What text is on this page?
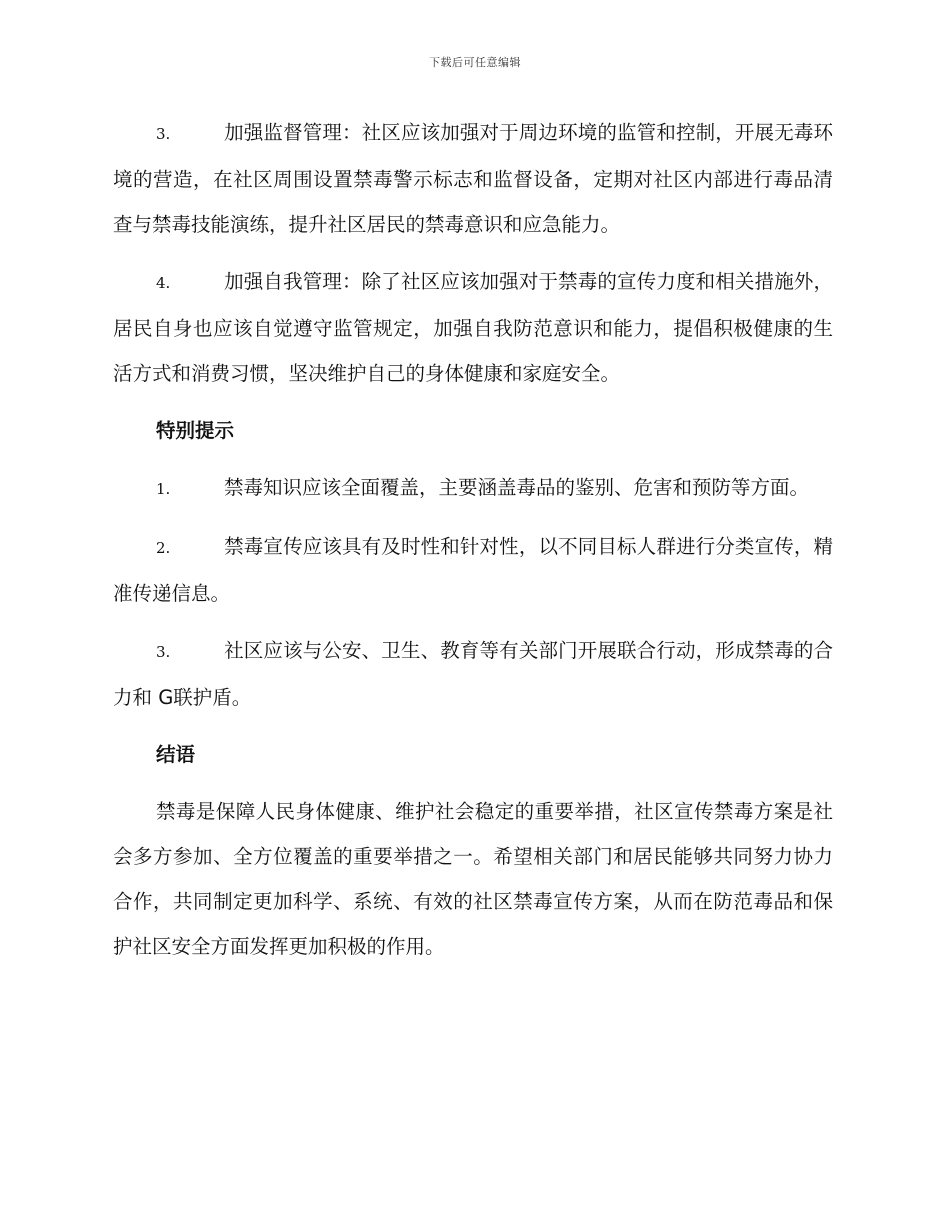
下载后可任意编辑

3.	加强监督管理：社区应该加强对于周边环境的监管和控制，开展无毒环境的营造，在社区周围设置禁毒警示标志和监督设备，定期对社区内部进行毒品清查与禁毒技能演练，提升社区居民的禁毒意识和应急能力。

4.	加强自我管理：除了社区应该加强对于禁毒的宣传力度和相关措施外，居民自身也应该自觉遵守监管规定，加强自我防范意识和能力，提倡积极健康的生活方式和消费习惯，坚决维护自己的身体健康和家庭安全。

特别提示

1.	禁毒知识应该全面覆盖，主要涵盖毒品的鉴别、危害和预防等方面。

2.	禁毒宣传应该具有及时性和针对性，以不同目标人群进行分类宣传，精准传递信息。

3.	社区应该与公安、卫生、教育等有关部门开展联合行动，形成禁毒的合力和 G联护盾。

结语

禁毒是保障人民身体健康、维护社会稳定的重要举措，社区宣传禁毒方案是社会多方参加、全方位覆盖的重要举措之一。希望相关部门和居民能够共同努力协力合作，共同制定更加科学、系统、有效的社区禁毒宣传方案，从而在防范毒品和保护社区安全方面发挥更加积极的作用。
